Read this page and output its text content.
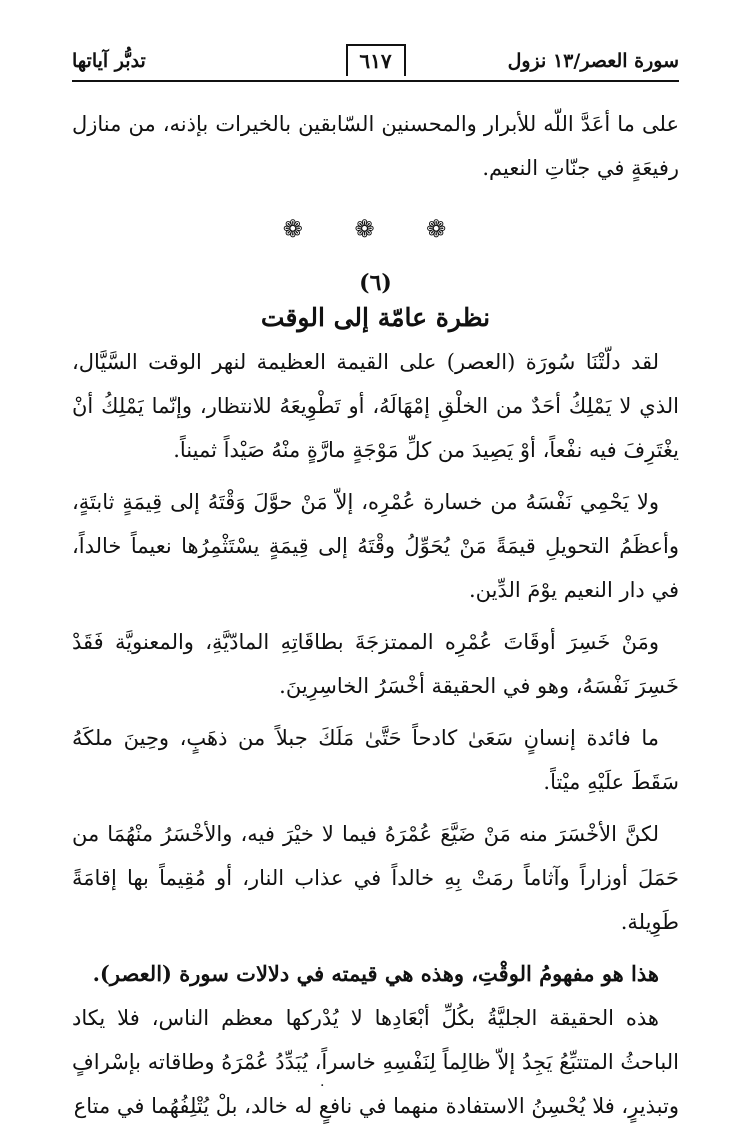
سورة العصر/١٣ نزول
٦١٧
تدبُّر آياتها

على ما أعَدَّ اللّه للأبرار والمحسنين السّابقين بالخيرات بإذنه، من منازل رفيعَةٍ في جنّاتِ النعيم.

❁ ❁ ❁
(٦)
نظرة عامّة إلى الوقت

لقد دلّتْنَا سُورَة (العصر) على القيمة العظيمة لنهر الوقت السَّيَّال، الذي لا يَمْلِكُ أحَدٌ من الخلْقِ إمْهَالَهُ، أو تَطْوِيعَهُ للانتظار، وإنّما يَمْلِكُ أنْ يغْتَرِفَ فيه نفْعاً، أوْ يَصِيدَ من كلِّ مَوْجَةٍ مارَّةٍ منْهُ صَيْداً ثميناً.

ولا يَحْمِي نَفْسَهُ من خسارة عُمْرِه، إلاّ مَنْ حوَّلَ وَقْتَهُ إلى قِيمَةٍ ثابتَةٍ، وأعظَمُ التحويلِ قيمَةً مَنْ يُحَوِّلُ وقْتَهُ إلى قِيمَةٍ يسْتَثْمِرُها نعيماً خالداً، في دار النعيم يوْمَ الدِّين.

ومَنْ خَسِرَ أوقَاتَ عُمْرِه الممتزجَةَ بطاقَاتِهِ المادّيَّةِ، والمعنويَّة فَقَدْ خَسِرَ نَفْسَهُ، وهو في الحقيقة أخْسَرُ الخاسِرِينَ.

ما فائدة إنسانٍ سَعَىٰ كادحاً حَتَّىٰ مَلَكَ جبلاً من ذهَبٍ، وحِينَ ملكَهُ سَقَطَ علَيْهِ ميْتاً.

لكنَّ الأخْسَرَ منه مَنْ ضَيَّعَ عُمْرَهُ فيما لا خيْرَ فيه، والأخْسَرُ منْهُمَا من حَمَلَ أوزاراً وآثاماً رمَتْ بِهِ خالداً في عذاب النار، أو مُقِيماً بها إقامَةً طَوِيلة.

هذا هو مفهومُ الوقْتِ، وهذه هي قيمته في دلالات سورة (العصر).

هذه الحقيقة الجليَّةُ بكُلِّ أبْعَادِها لا يُدْركها معظم الناس، فلا يكاد الباحثُ المتتبِّعُ يَجِدُ إلاّ ظالِماً لِنَفْسِهِ خاسراً، يُبَدِّدُ عُمْرَهُ وطاقاته بإسْرافٍ وتبذيرٍ، فلا يُحْسِنُ الاستفادة منهما في نافعٍ له خالد، بلْ يُتْلِفُهُما في متاع

.
